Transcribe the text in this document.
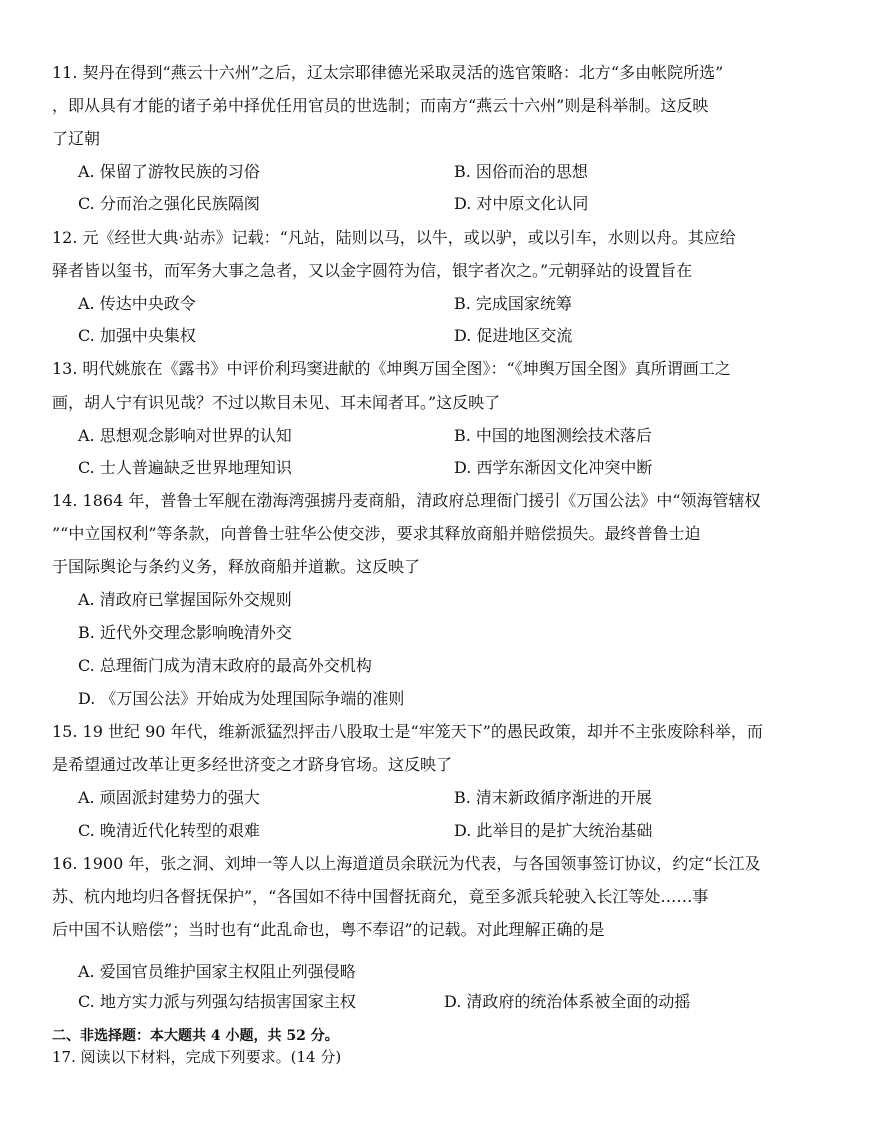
11. 契丹在得到“燕云十六州”之后，辽太宗耶律德光采取灵活的选官策略：北方“多由帐院所选”
，即从具有才能的诸子弟中择优任用官员的世选制；而南方“燕云十六州”则是科举制。这反映
了辽朝
A. 保留了游牧民族的习俗	B. 因俗而治的思想
C. 分而治之强化民族隔阂	D. 对中原文化认同
12. 元《经世大典·站赤》记载：“凡站，陆则以马，以牛，或以驴，或以引车，水则以舟。其应给
驿者皆以玺书，而军务大事之急者，又以金字圆符为信，银字者次之。”元朝驿站的设置旨在
A. 传达中央政令	B. 完成国家统筹
C. 加强中央集权	D. 促进地区交流
13. 明代姚旅在《露书》中评价利玛窦进献的《坤舆万国全图》：“《坤舆万国全图》真所谓画工之
画，胡人宁有识见哉？不过以欺目未见、耳未闻者耳。”这反映了
A. 思想观念影响对世界的认知	B. 中国的地图测绘技术落后
C. 士人普遍缺乏世界地理知识	D. 西学东渐因文化冲突中断
14. 1864 年，普鲁士军舰在渤海湾强掳丹麦商船，清政府总理衙门援引《万国公法》中“领海管辖权
”“中立国权利”等条款，向普鲁士驻华公使交涉，要求其释放商船并赔偿损失。最终普鲁士迫
于国际舆论与条约义务，释放商船并道歉。这反映了
A. 清政府已掌握国际外交规则
B. 近代外交理念影响晚清外交
C. 总理衙门成为清末政府的最高外交机构
D. 《万国公法》开始成为处理国际争端的准则
15. 19 世纪 90 年代，维新派猛烈抨击八股取士是“牢笼天下”的愚民政策，却并不主张废除科举，而
是希望通过改革让更多经世济变之才跻身官场。这反映了
A. 顽固派封建势力的强大	B. 清末新政循序渐进的开展
C. 晚清近代化转型的艰难	D. 此举目的是扩大统治基础
16. 1900 年，张之洞、刘坤一等人以上海道道员余联沅为代表，与各国领事签订协议，约定“长江及
苏、杭内地均归各督抚保护”，“各国如不待中国督抚商允，竟至多派兵轮驶入长江等处……事
后中国不认赔偿”；当时也有“此乱命也，粤不奉诏”的记载。对此理解正确的是
A. 爱国官员维护国家主权阻止列强侵略
C. 地方实力派与列强勾结损害国家主权	D. 清政府的统治体系被全面的动摇
二、非选择题：本大题共 4 小题，共 52 分。
17. 阅读以下材料，完成下列要求。(14 分)
